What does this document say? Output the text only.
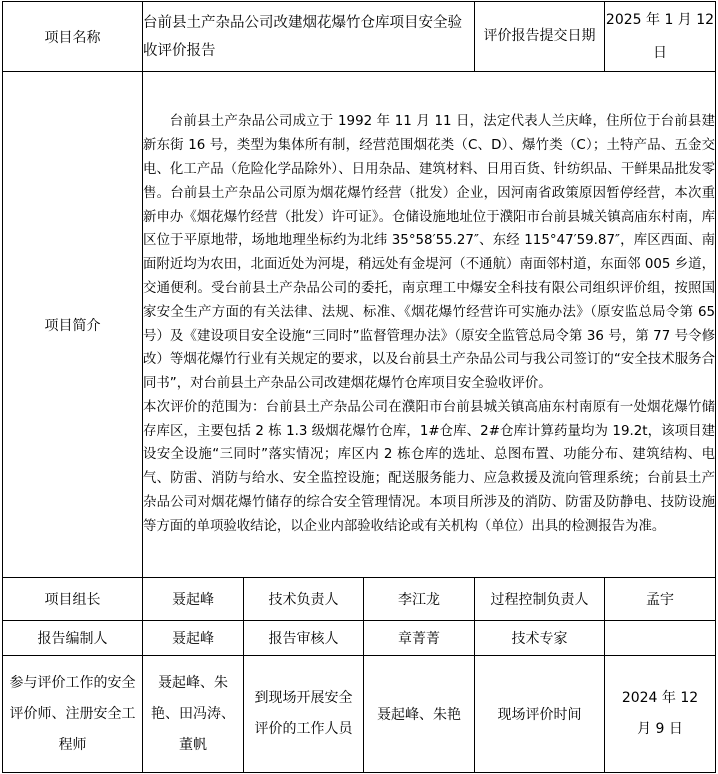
项目名称	台前县土产杂品公司改建烟花爆竹仓库项目安全验收评价报告			评价报告提交日期	2025 年 1 月 12 日
项目简介	台前县土产杂品公司成立于 1992 年 11 月 11 日，法定代表人兰庆峰，住所位于台前县建新东街 16 号，类型为集体所有制，经营范围烟花类（C、D）、爆竹类（C）；土特产品、五金交电、化工产品（危险化学品除外）、日用杂品、建筑材料、日用百货、针纺织品、干鲜果品批发零售。台前县土产杂品公司原为烟花爆竹经营（批发）企业，因河南省政策原因暂停经营，本次重新申办《烟花爆竹经营（批发）许可证》。仓储设施地址位于濮阳市台前县城关镇高庙东村南，库区位于平原地带，场地地理坐标约为北纬 35°58′55.27″、东经 115°47′59.87″，库区西面、南面附近均为农田，北面近处为河堤，稍远处有金堤河（不通航）南面邻村道，东面邻 005 乡道，交通便利。受台前县土产杂品公司的委托，南京理工中爆安全科技有限公司组织评价组，按照国家安全生产方面的有关法律、法规、标准、《烟花爆竹经营许可实施办法》（原安监总局令第 65 号）及《建设项目安全设施“三同时”监督管理办法》（原安全监管总局令第 36 号，第 77 号令修改）等烟花爆竹行业有关规定的要求，以及台前县土产杂品公司与我公司签订的“安全技术服务合同书”，对台前县土产杂品公司改建烟花爆竹仓库项目安全验收评价。

本次评价的范围为：台前县土产杂品公司在濮阳市台前县城关镇高庙东村南原有一处烟花爆竹储存库区，主要包括 2 栋 1.3 级烟花爆竹仓库，1#仓库、2#仓库计算药量均为 19.2t，该项目建设安全设施“三同时”落实情况；库区内 2 栋仓库的选址、总图布置、功能分布、建筑结构、电气、防雷、消防与给水、安全监控设施；配送服务能力、应急救援及流向管理系统；台前县土产杂品公司对烟花爆竹储存的综合安全管理情况。本项目所涉及的消防、防雷及防静电、技防设施等方面的单项验收结论，以企业内部验收结论或有关机构（单位）出具的检测报告为准。				

项目组长	聂起峰	技术负责人	李江龙	过程控制负责人	孟宇
报告编制人	聂起峰	报告审核人	章菁菁	技术专家	
参与评价工作的安全评价师、注册安全工程师	聂起峰、朱艳、田冯涛、董帆	到现场开展安全评价的工作人员	聂起峰、朱艳	现场评价时间	2024 年 12 月 9 日
